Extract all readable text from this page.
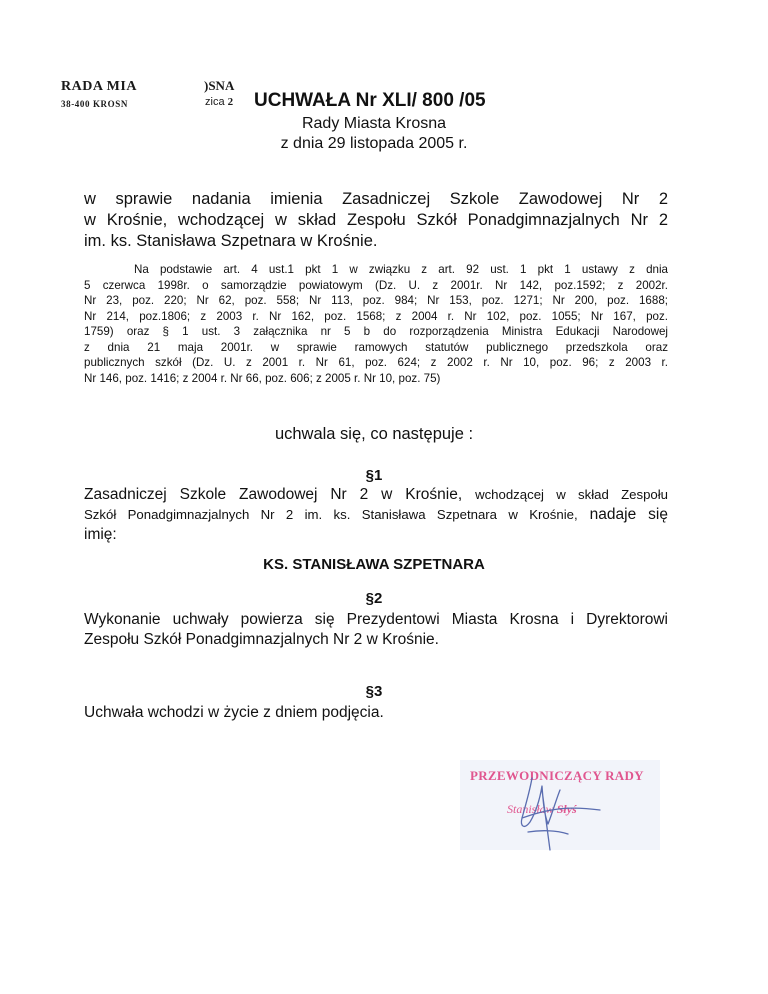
RADA MIA
38-400 KROSN
)SNA
zica 2 UCHWAŁA Nr XLI/ 800 /05
Rady Miasta Krosna
z dnia 29 listopada 2005 r.
w sprawie nadania imienia Zasadniczej Szkole Zawodowej Nr 2
w Krośnie, wchodzącej w skład Zespołu Szkół Ponadgimnazjalnych Nr 2
im. ks. Stanisława Szpetnara w Krośnie.
Na podstawie art. 4 ust.1 pkt 1 w związku z art. 92 ust. 1 pkt 1 ustawy z dnia
5 czerwca 1998r. o samorządzie powiatowym (Dz. U. z 2001r. Nr 142, poz.1592; z 2002r.
Nr 23, poz. 220; Nr 62, poz. 558; Nr 113, poz. 984; Nr 153, poz. 1271; Nr 200, poz. 1688;
Nr 214, poz.1806; z 2003 r. Nr 162, poz. 1568; z 2004 r. Nr 102, poz. 1055; Nr 167, poz.
1759) oraz § 1 ust. 3 załącznika nr 5 b do rozporządzenia Ministra Edukacji Narodowej
z dnia 21 maja 2001r. w sprawie ramowych statutów publicznego przedszkola oraz
publicznych szkół (Dz. U. z 2001 r. Nr 61, poz. 624; z 2002 r. Nr 10, poz. 96; z 2003 r.
Nr 146, poz. 1416; z 2004 r. Nr 66, poz. 606; z 2005 r. Nr 10, poz. 75)
uchwala się, co następuje :
§1
Zasadniczej Szkole Zawodowej Nr 2 w Krośnie, wchodzącej w skład Zespołu
Szkół Ponadgimnazjalnych Nr 2 im. ks. Stanisława Szpetnara w Krośnie, nadaje się
imię:
KS. STANISŁAWA SZPETNARA
§2
Wykonanie uchwały powierza się Prezydentowi Miasta Krosna i Dyrektorowi
Zespołu Szkół Ponadgimnazjalnych Nr 2 w Krośnie.
§3
Uchwała wchodzi w życie z dniem podjęcia.
PRZEWODNICZĄCY RADY
Stanisław Słyś
